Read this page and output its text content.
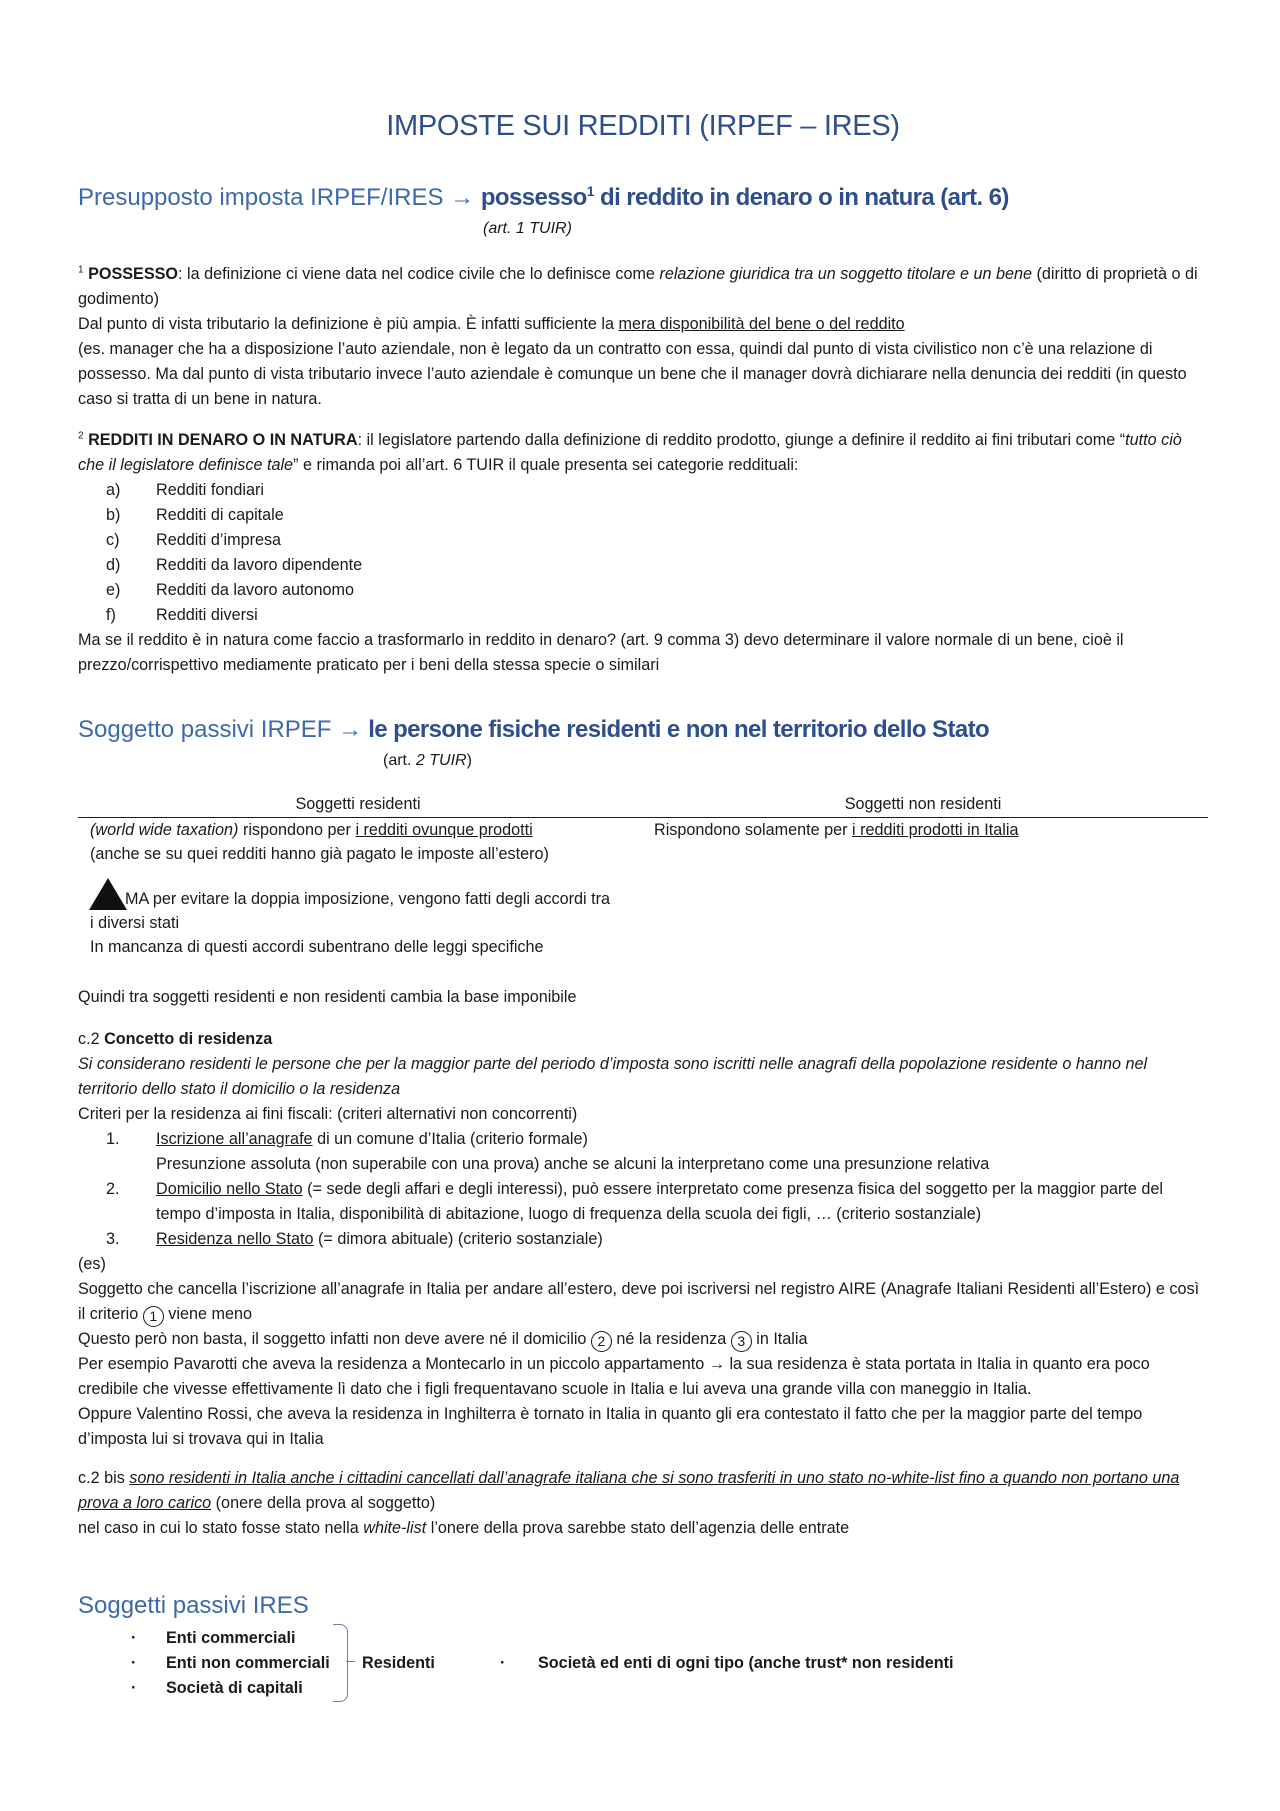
IMPOSTE SUI REDDITI (IRPEF – IRES)
Presupposto imposta IRPEF/IRES → possesso$^1$ di reddito in denaro o in natura (art. 6)
(art. 1 TUIR)

$^1$ POSSESSO: la definizione ci viene data nel codice civile che lo definisce come relazione giuridica tra un soggetto titolare e un bene (diritto di proprietà o di godimento)

Dal punto di vista tributario la definizione è più ampia. È infatti sufficiente la mera disponibilità del bene o del reddito

(es. manager che ha a disposizione l’auto aziendale, non è legato da un contratto con essa, quindi dal punto di vista civilistico non c’è una relazione di possesso. Ma dal punto di vista tributario invece l’auto aziendale è comunque un bene che il manager dovrà dichiarare nella denuncia dei redditi (in questo caso si tratta di un bene in natura.

$^2$ REDDITI IN DENARO O IN NATURA: il legislatore partendo dalla definizione di reddito prodotto, giunge a definire il reddito ai fini tributari come “tutto ciò che il legislatore definisce tale” e rimanda poi all’art. 6 TUIR il quale presenta sei categorie reddituali:

a) Redditi fondiari
b) Redditi di capitale
c) Redditi d’impresa
d) Redditi da lavoro dipendente
e) Redditi da lavoro autonomo
f) Redditi diversi

Ma se il reddito è in natura come faccio a trasformarlo in reddito in denaro? (art. 9 comma 3) devo determinare il valore normale di un bene, cioè il prezzo/corrispettivo mediamente praticato per i beni della stessa specie o similari

Soggetto passivi IRPEF → le persone fisiche residenti e non nel territorio dello Stato
(art. 2 TUIR)
Soggetti residenti	Soggetti non residenti

(world wide taxation) rispondono per i redditi ovunque prodotti

(anche se su quei redditi hanno già pagato le imposte all’estero)

MA per evitare la doppia imposizione, vengono fatti degli accordi tra i diversi stati

In mancanza di questi accordi subentrano delle leggi specifiche	Rispondono solamente per i redditi prodotti in Italia

Quindi tra soggetti residenti e non residenti cambia la base imponibile

c.2 Concetto di residenza

Si considerano residenti le persone che per la maggior parte del periodo d’imposta sono iscritti nelle anagrafi della popolazione residente o hanno nel territorio dello stato il domicilio o la residenza

Criteri per la residenza ai fini fiscali: (criteri alternativi non concorrenti)

1. Iscrizione all’anagrafe di un comune d’Italia (criterio formale)
Presunzione assoluta (non superabile con una prova) anche se alcuni la interpretano come una presunzione relativa
2. Domicilio nello Stato (= sede degli affari e degli interessi), può essere interpretato come presenza fisica del soggetto per la maggior parte del tempo d’imposta in Italia, disponibilità di abitazione, luogo di frequenza della scuola dei figli, … (criterio sostanziale)
3. Residenza nello Stato (= dimora abituale) (criterio sostanziale)

(es)

Soggetto che cancella l’iscrizione all’anagrafe in Italia per andare all’estero, deve poi iscriversi nel registro AIRE (Anagrafe Italiani Residenti all’Estero) e così il criterio 1 viene meno

Questo però non basta, il soggetto infatti non deve avere né il domicilio 2 né la residenza 3 in Italia

Per esempio Pavarotti che aveva la residenza a Montecarlo in un piccolo appartamento → la sua residenza è stata portata in Italia in quanto era poco credibile che vivesse effettivamente lì dato che i figli frequentavano scuole in Italia e lui aveva una grande villa con maneggio in Italia.

Oppure Valentino Rossi, che aveva la residenza in Inghilterra è tornato in Italia in quanto gli era contestato il fatto che per la maggior parte del tempo d’imposta lui si trovava qui in Italia

c.2 bis sono residenti in Italia anche i cittadini cancellati dall’anagrafe italiana che si sono trasferiti in uno stato no-white-list fino a quando non portano una prova a loro carico (onere della prova al soggetto)

nel caso in cui lo stato fosse stato nella white-list l’onere della prova sarebbe stato dell’agenzia delle entrate

Soggetti passivi IRES
· Enti commerciali
· Enti non commerciali
· Società di capitali
Residenti	· Società ed enti di ogni tipo (anche trust* non residenti
